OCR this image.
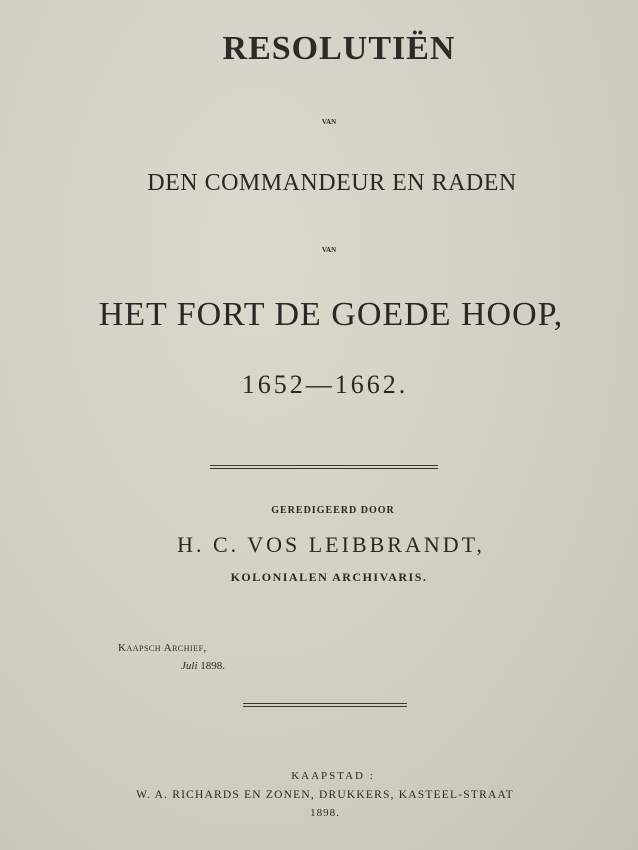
RESOLUTIËN
van
DEN COMMANDEUR EN RADEN
van
HET FORT DE GOEDE HOOP,
1652—1662.
GEREDIGEERD DOOR
H. C. VOS LEIBBRANDT,
KOLONIALEN ARCHIVARIS.
Kaapsch Archief,
Juli 1898.
KAAPSTAD :
W. A. RICHARDS EN ZONEN, DRUKKERS, KASTEEL-STRAAT
1898.
